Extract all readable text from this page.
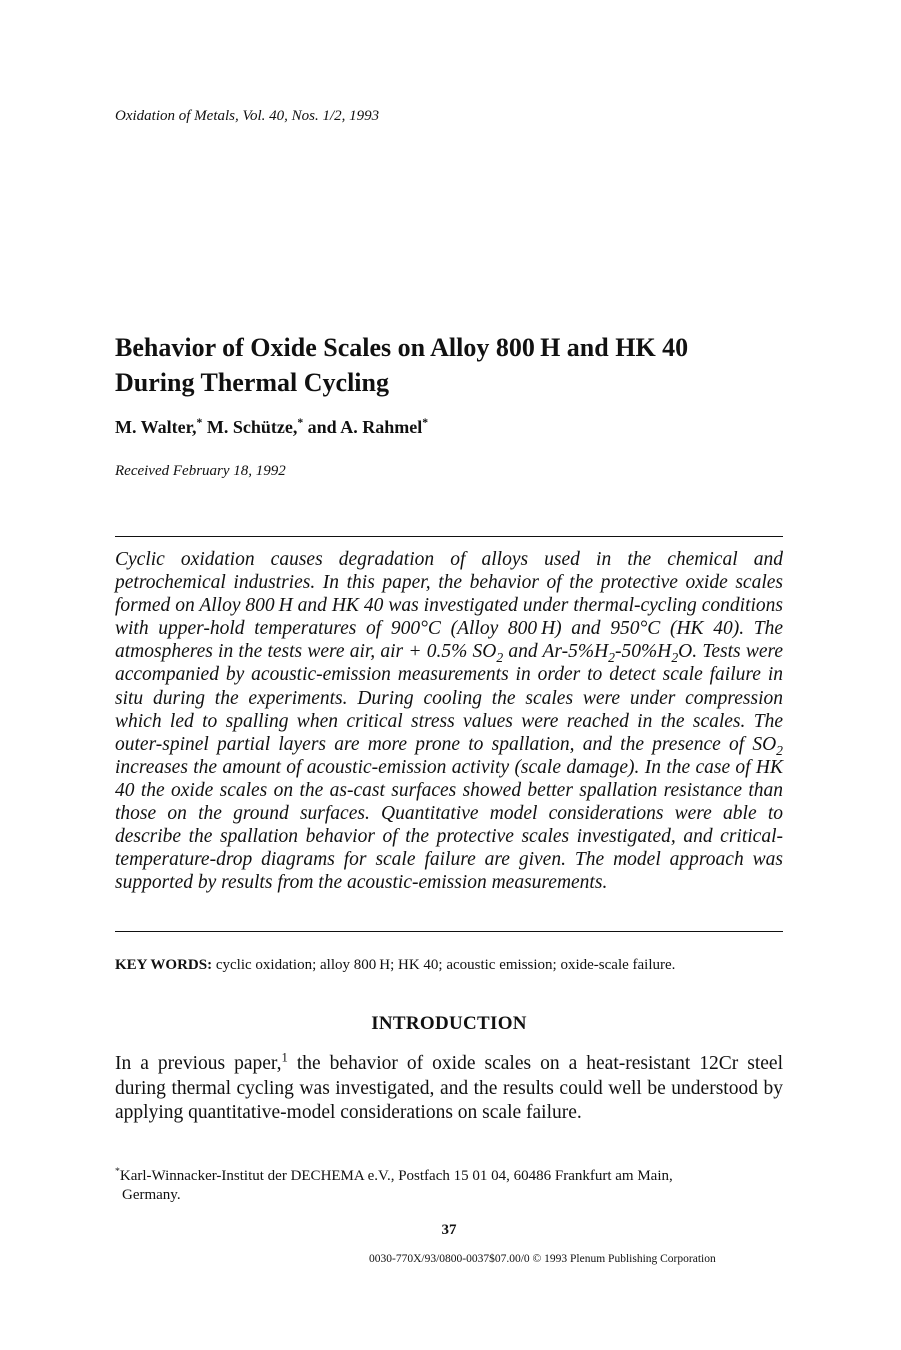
Oxidation of Metals, Vol. 40, Nos. 1/2, 1993
Behavior of Oxide Scales on Alloy 800 H and HK 40
During Thermal Cycling
M. Walter,* M. Schütze,* and A. Rahmel*
Received February 18, 1992

Cyclic oxidation causes degradation of alloys used in the chemical and petrochemical industries. In this paper, the behavior of the protective oxide scales formed on Alloy 800 H and HK 40 was investigated under thermal-cycling conditions with upper-hold temperatures of 900°C (Alloy 800 H) and 950°C (HK 40). The atmospheres in the tests were air, air + 0.5% $SO_2$ and $Ar-5\%H_2-50\%H_2O$. Tests were accompanied by acoustic-emission measurements in order to detect scale failure in situ during the experiments. During cooling the scales were under compression which led to spalling when critical stress values were reached in the scales. The outer-spinel partial layers are more prone to spallation, and the presence of $SO_2$ increases the amount of acoustic-emission activity (scale damage). In the case of HK 40 the oxide scales on the as-cast surfaces showed better spallation resistance than those on the ground surfaces. Quantitative model considerations were able to describe the spallation behavior of the protective scales investigated, and critical-temperature-drop diagrams for scale failure are given. The model approach was supported by results from the acoustic-emission measurements.

KEY WORDS: cyclic oxidation; alloy 800 H; HK 40; acoustic emission; oxide-scale failure.
INTRODUCTION

In a previous paper,$^1$ the behavior of oxide scales on a heat-resistant 12Cr steel during thermal cycling was investigated, and the results could well be understood by applying quantitative-model considerations on scale failure.

*Karl-Winnacker-Institut der DECHEMA e.V., Postfach 15 01 04, 60486 Frankfurt am Main,
Germany.

37
0030-770X/93/0800-0037$07.00/0 © 1993 Plenum Publishing Corporation
